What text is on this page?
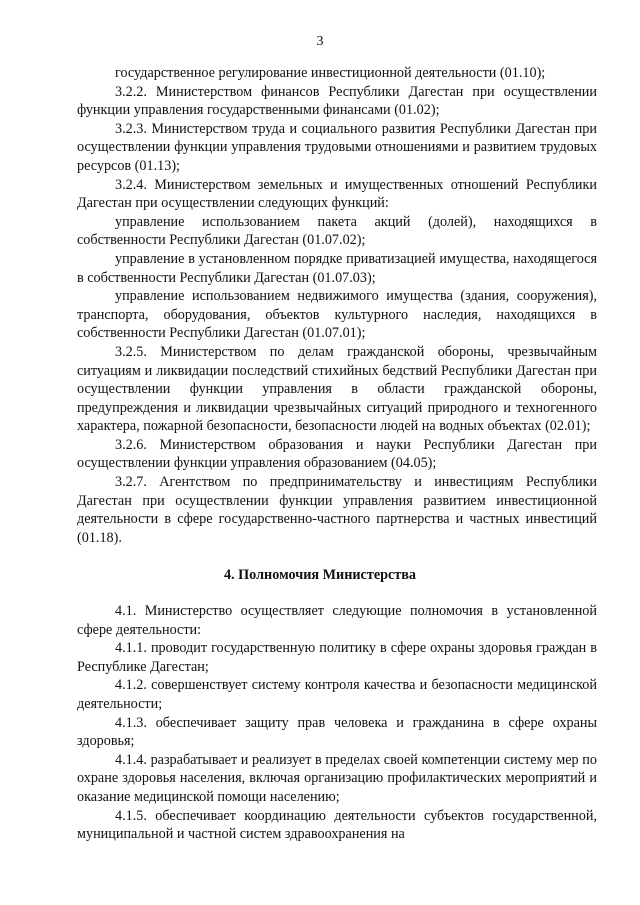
3

государственное регулирование инвестиционной деятельности (01.10);

3.2.2. Министерством финансов Республики Дагестан при осуществлении функции управления государственными финансами (01.02);

3.2.3. Министерством труда и социального развития Республики Дагестан при осуществлении функции управления трудовыми отношениями и развитием трудовых ресурсов (01.13);

3.2.4. Министерством земельных и имущественных отношений Республики Дагестан при осуществлении следующих функций:

управление использованием пакета акций (долей), находящихся в собственности Республики Дагестан (01.07.02);

управление в установленном порядке приватизацией имущества, находящегося в собственности Республики Дагестан (01.07.03);

управление использованием недвижимого имущества (здания, сооружения), транспорта, оборудования, объектов культурного наследия, находящихся в собственности Республики Дагестан (01.07.01);

3.2.5. Министерством по делам гражданской обороны, чрезвычайным ситуациям и ликвидации последствий стихийных бедствий Республики Дагестан при осуществлении функции управления в области гражданской обороны, предупреждения и ликвидации чрезвычайных ситуаций природного и техногенного характера, пожарной безопасности, безопасности людей на водных объектах (02.01);

3.2.6. Министерством образования и науки Республики Дагестан при осуществлении функции управления образованием (04.05);

3.2.7. Агентством по предпринимательству и инвестициям Республики Дагестан при осуществлении функции управления развитием инвестиционной деятельности в сфере государственно-частного партнерства и частных инвестиций (01.18).

4. Полномочия Министерства

4.1. Министерство осуществляет следующие полномочия в установленной сфере деятельности:

4.1.1. проводит государственную политику в сфере охраны здоровья граждан в Республике Дагестан;

4.1.2. совершенствует систему контроля качества и безопасности медицинской деятельности;

4.1.3. обеспечивает защиту прав человека и гражданина в сфере охраны здоровья;

4.1.4. разрабатывает и реализует в пределах своей компетенции систему мер по охране здоровья населения, включая организацию профилактических мероприятий и оказание медицинской помощи населению;

4.1.5. обеспечивает координацию деятельности субъектов государственной, муниципальной и частной систем здравоохранения на
